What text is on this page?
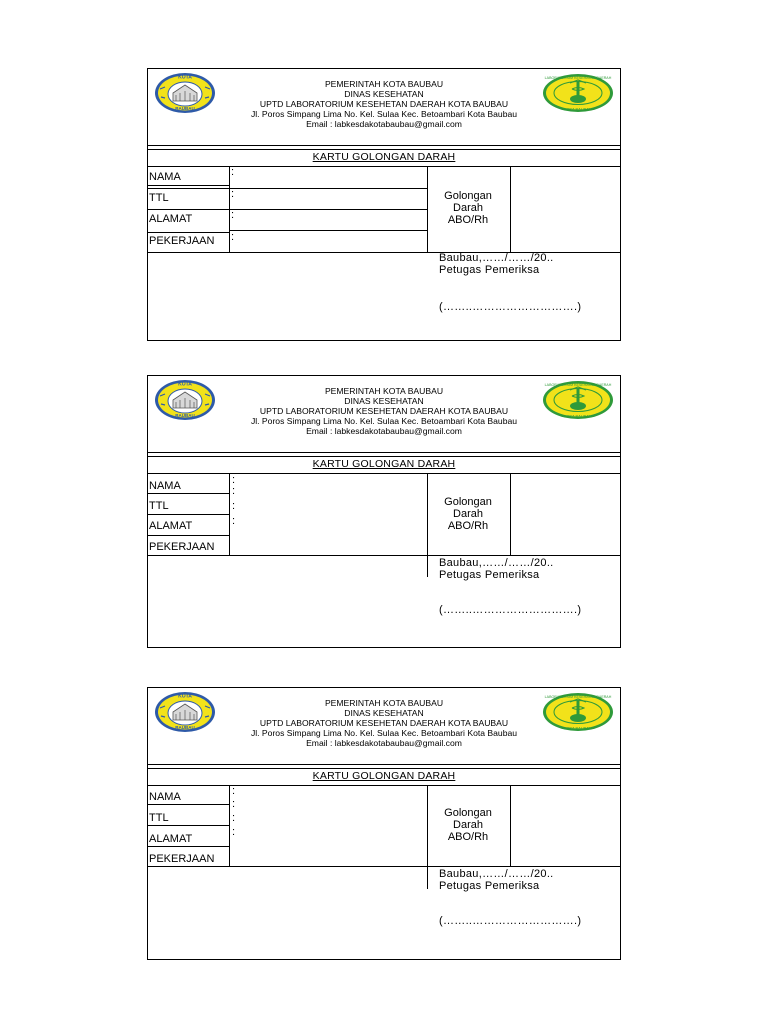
KOTA
BAUBAU
PEMERINTAH KOTA BAUBAU
DINAS KESEHATAN
UPTD LABORATORIUM KESEHETAN DAERAH KOTA BAUBAU
Jl. Poros Simpang Lima No. Kel. Sulaa Kec. Betoambari Kota Baubau
Email : labkesdakotabaubau@gmail.com
LABORATORIUM KESEHATAN DAERAH
KOTA BAUBAU
KARTU GOLONGAN DARAH
NAMA
TTL
ALAMAT
PEKERJAAN
:
:
:
:
Golongan
Darah
ABO/Rh
Baubau,……/……/20..
Petugas Pemeriksa
(……..……………………….)
KOTA
BAUBAU
PEMERINTAH KOTA BAUBAU
DINAS KESEHATAN
UPTD LABORATORIUM KESEHETAN DAERAH KOTA BAUBAU
Jl. Poros Simpang Lima No. Kel. Sulaa Kec. Betoambari Kota Baubau
Email : labkesdakotabaubau@gmail.com
LABORATORIUM KESEHATAN DAERAH
KOTA BAUBAU
KARTU GOLONGAN DARAH
NAMA
TTL
ALAMAT
PEKERJAAN
:
:
:
:
Golongan
Darah
ABO/Rh
Baubau,……/……/20..
Petugas Pemeriksa
(……..……………………….)
KOTA
BAUBAU
PEMERINTAH KOTA BAUBAU
DINAS KESEHATAN
UPTD LABORATORIUM KESEHETAN DAERAH KOTA BAUBAU
Jl. Poros Simpang Lima No. Kel. Sulaa Kec. Betoambari Kota Baubau
Email : labkesdakotabaubau@gmail.com
LABORATORIUM KESEHATAN DAERAH
KOTA BAUBAU
KARTU GOLONGAN DARAH
NAMA
TTL
ALAMAT
PEKERJAAN
:
:
:
:
Golongan
Darah
ABO/Rh
Baubau,……/……/20..
Petugas Pemeriksa
(……..……………………….)
